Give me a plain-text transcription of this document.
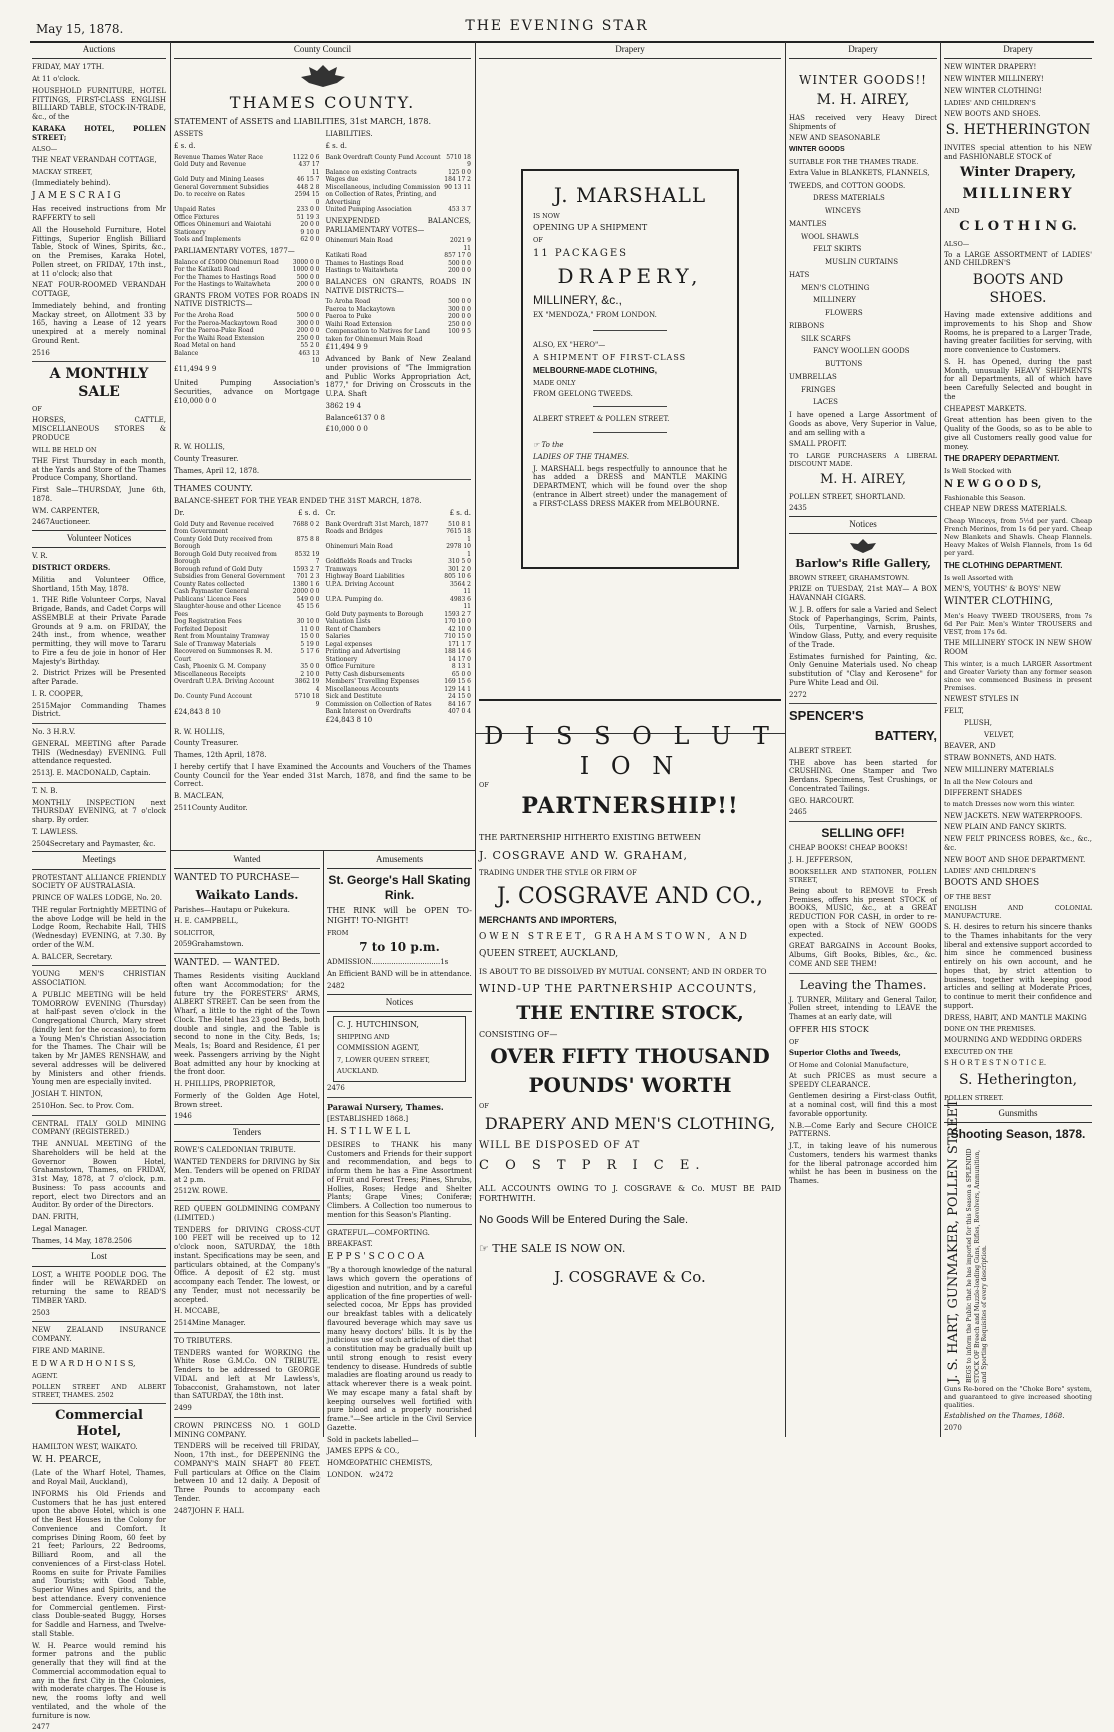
May 15, 1878.	THE EVENING STAR
Auctions

FRIDAY, MAY 17TH.

At 11 o'clock.

HOUSEHOLD FURNITURE, HOTEL FITTINGS, FIRST-CLASS ENGLISH BILLIARD TABLE, STOCK-IN-TRADE, &c., of the

KARAKA HOTEL, POLLEN STREET;

ALSO—

THE NEAT VERANDAH COTTAGE,

MACKAY STREET,

(Immediately behind).

J A M E S C R A I G

Has received instructions from Mr RAFFERTY to sell

All the Household Furniture, Hotel Fittings, Superior English Billiard Table, Stock of Wines, Spirits, &c., on the Premises, Karaka Hotel, Pollen street, on FRIDAY, 17th inst., at 11 o'clock; also that

NEAT FOUR-ROOMED VERANDAH COTTAGE,

Immediately behind, and fronting Mackay street, on Allotment 33 by 165, having a Lease of 12 years unexpired at a merely nominal Ground Rent.

2516

A MONTHLY SALE

OF

HORSES, CATTLE, MISCELLANEOUS STORES & PRODUCE

WILL BE HELD ON

THE First Thursday in each month, at the Yards and Store of the Thames Produce Company, Shortland.

First Sale—THURSDAY, June 6th, 1878.

WM. CARPENTER,

2467 Auctioneer.

Volunteer Notices

V. R.

DISTRICT ORDERS.

Militia and Volunteer Office, Shortland, 15th May, 1878.

1. THE Rifle Volunteer Corps, Naval Brigade, Bands, and Cadet Corps will ASSEMBLE at their Private Parade Grounds at 9 a.m. on FRIDAY, the 24th inst., from whence, weather permitting, they will move to Tararu to Fire a feu de joie in honor of Her Majesty's Birthday.

2. District Prizes will be Presented after Parade.

I. R. COOPER,

2515 Major Commanding Thames District.

No. 3 H.R.V.

GENERAL MEETING after Parade THIS (Wednesday) EVENING. Full attendance requested.

2513 J. E. MACDONALD, Captain.

T. N. B.

MONTHLY INSPECTION next THURSDAY EVENING, at 7 o'clock sharp. By order.

T. LAWLESS.

2504 Secretary and Paymaster, &c.

Meetings

PROTESTANT ALLIANCE FRIENDLY SOCIETY OF AUSTRALASIA.

PRINCE OF WALES LODGE, No. 20.

THE regular Fortnightly MEETING of the above Lodge will be held in the Lodge Room, Rechabite Hall, THIS (Wednesday) EVENING, at 7.30. By order of the W.M.

A. BALCER, Secretary.

YOUNG MEN'S CHRISTIAN ASSOCIATION.

A PUBLIC MEETING will be held TOMORROW EVENING (Thursday) at half-past seven o'clock in the Congregational Church, Mary street (kindly lent for the occasion), to form a Young Men's Christian Association for the Thames. The Chair will be taken by Mr JAMES RENSHAW, and several addresses will be delivered by Ministers and other friends. Young men are especially invited.

JOSIAH T. HINTON,

2510 Hon. Sec. to Prov. Com.

CENTRAL ITALY GOLD MINING COMPANY (REGISTERED.)

THE ANNUAL MEETING of the Shareholders will be held at the Governor Bowen Hotel, Grahamstown, Thames, on FRIDAY, 31st May, 1878, at 7 o'clock, p.m. Business: To pass accounts and report, elect two Directors and an Auditor. By order of the Directors.

DAN. FRITH,

Legal Manager.

Thames, 14 May, 1878. 2506

Lost

LOST, a WHITE POODLE DOG. The finder will be REWARDED on returning the same to READ'S TIMBER YARD.

2503

NEW ZEALAND INSURANCE COMPANY.

FIRE AND MARINE.

E D W A R D H O N I S S,

AGENT.

POLLEN STREET AND ALBERT STREET, THAMES. 2502

Commercial Hotel,

HAMILTON WEST, WAIKATO.

W. H. PEARCE,

(Late of the Wharf Hotel, Thames, and Royal Mail, Auckland),

INFORMS his Old Friends and Customers that he has just entered upon the above Hotel, which is one of the Best Houses in the Colony for Convenience and Comfort. It comprises Dining Room, 60 feet by 21 feet; Parlours, 22 Bedrooms, Billiard Room, and all the conveniences of a First-class Hotel. Rooms en suite for Private Families and Tourists; with Good Table, Superior Wines and Spirits, and the best attendance. Every convenience for Commercial gentlemen. First-class Double-seated Buggy, Horses for Saddle and Harness, and Twelve-stall Stable.

W. H. Pearce would remind his former patrons and the public generally that they will find at the Commercial accommodation equal to any in the first City in the Colonies, with moderate charges. The House is new, the rooms lofty and well ventilated, and the whole of the furniture is now.

2477

County Council
THAMES COUNTY.

STATEMENT of ASSETS and LIABILITIES, 31st MARCH, 1878.

ASSETS

£ s. d.

Revenue Thames Water Race	1122 0 6
Gold Duty and Revenue	437 17 11
Gold Duty and Mining Leases	46 15 7
General Government Subsidies	448 2 8
Do. to receive on Rates	2594 15 0
Unpaid Rates	233 0 0
Office Fixtures	51 19 3
Offices Ohinemuri and Waiotahi	20 0 0
Stationery	9 10 0
Tools and Implements	62 0 0

PARLIAMENTARY VOTES, 1877—

Balance of £5000 Ohinemuri Road	3000 0 0
For the Katikati Road	1000 0 0
For the Thames to Hastings Road	500 0 0
For the Hastings to Waitawheta	200 0 0

GRANTS FROM VOTES FOR ROADS IN NATIVE DISTRICTS—

For the Aroha Road	500 0 0
For the Paeroa-Mackaytown Road	300 0 0
For the Paeroa-Puke Road	200 0 0
For the Waihi Road Extension	250 0 0
Road Metal on hand	55 2 0
Balance	463 13 10

£11,494 9 9

United Pumping Association's Securities, advance on Mortgage £10,000 0 0

LIABILITIES.

£ s. d.

Bank Overdraft County Fund Account	5710 18 9
Balance on existing Contracts	125 0 0
Wages due	184 17 2
Miscellaneous, including Commission on Collection of Rates, Printing, and Advertising	90 13 11
United Pumping Association	453 3 7

UNEXPENDED BALANCES, PARLIAMENTARY VOTES—

Ohinemuri Main Road	2021 9 11
Katikati Road	857 17 0
Thames to Hastings Road	500 0 0
Hastings to Waitawheta	200 0 0

BALANCES ON GRANTS, ROADS IN NATIVE DISTRICTS—

To Aroha Road	500 0 0
Paeroa to Mackaytown	300 0 0
Paeroa to Puke	200 0 0
Waihi Road Extension	250 0 0
Compensation to Natives for Land taken for Ohinemuri Main Road	100 9 5

£11,494 9 9

Advanced by Bank of New Zealand under provisions of "The Immigration and Public Works Appropriation Act, 1877," for Driving on Crosscuts in the U.P.A. Shaft

3862 19 4

Balance 6137 0 8

£10,000 0 0

R. W. HOLLIS,

County Treasurer.

Thames, April 12, 1878.

THAMES COUNTY.

BALANCE-SHEET FOR THE YEAR ENDED THE 31ST MARCH, 1878.

Dr.	£ s. d.

Gold Duty and Revenue received from Government	7688 0 2
County Gold Duty received from Borough	875 8 8
Borough Gold Duty received from Borough	8532 19 7
Borough refund of Gold Duty	1593 2 7
Subsidies from General Government	701 2 3
County Rates collected	1380 1 6
Cash Paymaster General	2000 0 0
Publicans' Licence Fees	549 0 0
Slaughter-house and other Licence Fees	45 15 6
Dog Registration Fees	30 10 0
Forfeited Deposit	11 0 0
Rent from Mountainy Tramway	15 0 0
Sale of Tramway Materials	5 19 0
Recovered on Summonses R. M. Court	5 17 6
Cash, Phoenix G. M. Company	35 0 0
Miscellaneous Receipts	2 10 0
Overdraft U.P.A. Driving Account	3862 19 4
Do. County Fund Account	5710 18 9

£24,843 8 10

Cr.	£ s. d.

Bank Overdraft 31st March, 1877	510 8 1
Roads and Bridges	7615 18 1
Ohinemuri Main Road	2978 10 1
Goldfields Roads and Tracks	310 5 0
Tramways	301 2 0
Highway Board Liabilities	805 10 6
U.P.A. Driving Account	3564 2 11
U.P.A. Pumping do.	4983 6 11
Gold Duty payments to Borough	1593 2 7
Valuation Lists	170 10 0
Rent of Chambers	42 10 0
Salaries	710 15 0
Legal expenses	171 1 7
Printing and Advertising	188 14 6
Stationery	14 17 0
Office Furniture	8 13 1
Petty Cash disbursements	65 0 0
Members' Travelling Expenses	169 15 6
Miscellaneous Accounts	129 14 1
Sick and Destitute	24 15 0
Commission on Collection of Rates	84 16 7
Bank Interest on Overdrafts	407 0 4

£24,843 8 10

R. W. HOLLIS,

County Treasurer.

Thames, 12th April, 1878.

I hereby certify that I have Examined the Accounts and Vouchers of the Thames County Council for the Year ended 31st March, 1878, and find the same to be Correct.

B. MACLEAN,

2511 County Auditor.

Wanted

WANTED TO PURCHASE—

Waikato Lands.

Parishes—Hautapu or Pukekura.

H. E. CAMPBELL,

SOLICITOR,

2059 Grahamstown.

WANTED. — WANTED.

Thames Residents visiting Auckland often want Accommodation; for the future try the FORESTERS' ARMS, ALBERT STREET. Can be seen from the Wharf, a little to the right of the Town Clock. The Hotel has 23 good Beds, both double and single, and the Table is second to none in the City. Beds, 1s; Meals, 1s; Board and Residence, £1 per week. Passengers arriving by the Night Boat admitted any hour by knocking at the front door.

H. PHILLIPS, PROPRIETOR,

Formerly of the Golden Age Hotel, Brown street.

1946

Tenders

ROWE'S CALEDONIAN TRIBUTE.

WANTED TENDERS for DRIVING by Six Men. Tenders will be opened on FRIDAY at 2 p.m.

2512 W. ROWE.

RED QUEEN GOLDMINING COMPANY (LIMITED.)

TENDERS for DRIVING CROSS-CUT 100 FEET will be received up to 12 o'clock noon, SATURDAY, the 18th instant. Specifications may be seen, and particulars obtained, at the Company's Office. A deposit of £2 stg. must accompany each Tender. The lowest, or any Tender, must not necessarily be accepted.

H. MCCABE,

2514 Mine Manager.

TO TRIBUTERS.

TENDERS wanted for WORKING the White Rose G.M.Co. ON TRIBUTE. Tenders to be addressed to GEORGE VIDAL and left at Mr Lawless's, Tobacconist, Grahamstown, not later than SATURDAY, the 18th inst.

2499

CROWN PRINCESS NO. 1 GOLD MINING COMPANY.

TENDERS will be received till FRIDAY, Noon, 17th inst., for DEEPENING the COMPANY'S MAIN SHAFT 80 FEET. Full particulars at Office on the Claim between 10 and 12 daily. A Deposit of Three Pounds to accompany each Tender.

2487 JOHN F. HALL

Amusements
St. George's Hall Skating Rink.

THE RINK will be OPEN TO-NIGHT! TO-NIGHT!

FROM

7 to 10 p.m.

ADMISSION...............................1s

An Efficient BAND will be in attendance.

2482

Notices

C. J. HUTCHINSON,

SHIPPING AND

COMMISSION AGENT,

7, LOWER QUEEN STREET,

AUCKLAND.

2476

Parawai Nursery, Thames.

[ESTABLISHED 1868.]

H. S T I L W E L L

DESIRES to THANK his many Customers and Friends for their support and recommendation, and begs to inform them he has a Fine Assortment of Fruit and Forest Trees; Pines, Shrubs, Hollies, Roses; Hedge and Shelter Plants; Grape Vines; Coniferæ; Climbers. A Collection too numerous to mention for this Season's Planting.

GRATEFUL—COMFORTING.

BREAKFAST.

E P P S ' S C O C O A

"By a thorough knowledge of the natural laws which govern the operations of digestion and nutrition, and by a careful application of the fine properties of well-selected cocoa, Mr Epps has provided our breakfast tables with a delicately flavoured beverage which may save us many heavy doctors' bills. It is by the judicious use of such articles of diet that a constitution may be gradually built up until strong enough to resist every tendency to disease. Hundreds of subtle maladies are floating around us ready to attack wherever there is a weak point. We may escape many a fatal shaft by keeping ourselves well fortified with pure blood and a properly nourished frame."—See article in the Civil Service Gazette.

Sold in packets labelled—

JAMES EPPS & CO.,

HOMŒOPATHIC CHEMISTS,

LONDON. w2472

Drapery
J. MARSHALL

IS NOW

OPENING UP A SHIPMENT

OF

11 PACKAGES

DRAPERY,

MILLINERY, &c.,

EX "MENDOZA," FROM LONDON.

ALSO, EX "HERO"—

A SHIPMENT OF FIRST-CLASS

MELBOURNE-MADE CLOTHING,

MADE ONLY

FROM GEELONG TWEEDS.

ALBERT STREET & POLLEN STREET.

☞ To the

LADIES OF THE THAMES.

J. MARSHALL begs respectfully to announce that he has added a DRESS and MANTLE MAKING DEPARTMENT, which will be found over the shop (entrance in Albert street) under the management of a FIRST-CLASS DRESS MAKER from MELBOURNE.

D I S S O L U T I O N

OF

PARTNERSHIP!!

THE PARTNERSHIP HITHERTO EXISTING BETWEEN

J. COSGRAVE AND W. GRAHAM,

TRADING UNDER THE STYLE OR FIRM OF

J. COSGRAVE AND CO.,

MERCHANTS AND IMPORTERS,

OWEN STREET, GRAHAMSTOWN, AND

QUEEN STREET, AUCKLAND,

IS ABOUT TO BE DISSOLVED BY MUTUAL CONSENT; AND IN ORDER TO

WIND-UP THE PARTNERSHIP ACCOUNTS,

THE ENTIRE STOCK,

CONSISTING OF—

OVER FIFTY THOUSAND
POUNDS' WORTH

OF

DRAPERY AND MEN'S CLOTHING,

WILL BE DISPOSED OF AT

C O S T P R I C E.

ALL ACCOUNTS OWING TO J. COSGRAVE & Co. MUST BE PAID FORTHWITH.

No Goods Will be Entered During the Sale.

☞ THE SALE IS NOW ON.

J. COSGRAVE & Co.
Drapery
WINTER GOODS!!
M. H. AIREY,

HAS received very Heavy Direct Shipments of

NEW AND SEASONABLE

WINTER GOODS

SUITABLE FOR THE THAMES TRADE.

Extra Value in BLANKETS, FLANNELS,

TWEEDS, and COTTON GOODS.

DRESS MATERIALS

WINCEYS

MANTLES

WOOL SHAWLS

FELT SKIRTS

MUSLIN CURTAINS

HATS

MEN'S CLOTHING

MILLINERY

FLOWERS

RIBBONS

SILK SCARFS

FANCY WOOLLEN GOODS

BUTTONS

UMBRELLAS

FRINGES

LACES

I have opened a Large Assortment of Goods as above, Very Superior in Value, and am selling with a

SMALL PROFIT.

TO LARGE PURCHASERS A LIBERAL DISCOUNT MADE.

M. H. AIREY,

POLLEN STREET, SHORTLAND.

2435

Notices
Barlow's Rifle Gallery,

BROWN STREET, GRAHAMSTOWN.

PRIZE on TUESDAY, 21st MAY— A BOX HAVANNAH CIGARS.

W. J. B. offers for sale a Varied and Select Stock of Paperhangings, Scrim, Paints, Oils, Turpentine, Varnish, Brushes, Window Glass, Putty, and every requisite of the Trade.

Estimates furnished for Painting, &c. Only Genuine Materials used. No cheap substitution of "Clay and Kerosene" for Pure White Lead and Oil.

2272

SPENCER'S
BATTERY,

ALBERT STREET.

THE above has been started for CRUSHING. One Stamper and Two Berdans. Specimens, Test Crushings, or Concentrated Tailings.

GEO. HARCOURT.

2465

SELLING OFF!

CHEAP BOOKS! CHEAP BOOKS!

J. H. JEFFERSON,

BOOKSELLER AND STATIONER, POLLEN STREET,

Being about to REMOVE to Fresh Premises, offers his present STOCK of BOOKS, MUSIC, &c., at a GREAT REDUCTION FOR CASH, in order to re-open with a Stock of NEW GOODS expected.

GREAT BARGAINS in Account Books, Albums, Gift Books, Bibles, &c., &c. COME AND SEE THEM!

Leaving the Thames.

J. TURNER, Military and General Tailor, Pollen street, intending to LEAVE the Thames at an early date, will

OFFER HIS STOCK

OF

Superior Cloths and Tweeds,

Of Home and Colonial Manufacture,

At such PRICES as must secure a SPEEDY CLEARANCE.

Gentlemen desiring a First-class Outfit, at a nominal cost, will find this a most favorable opportunity.

N.B.—Come Early and Secure CHOICE PATTERNS.

J.T., in taking leave of his numerous Customers, tenders his warmest thanks for the liberal patronage accorded him whilst he has been in business on the Thames.

Drapery

NEW WINTER DRAPERY!

NEW WINTER MILLINERY!

NEW WINTER CLOTHING!

LADIES' AND CHILDREN'S

NEW BOOTS AND SHOES.

S. HETHERINGTON

INVITES special attention to his NEW and FASHIONABLE STOCK of

Winter Drapery,
MILLINERY

AND

C L O T H I N G.

ALSO—

To a LARGE ASSORTMENT of LADIES' AND CHILDREN'S

BOOTS AND SHOES.

Having made extensive additions and improvements to his Shop and Show Rooms, he is prepared to a Larger Trade, having greater facilities for serving, with more convenience to Customers.

S. H. has Opened, during the past Month, unusually HEAVY SHIPMENTS for all Departments, all of which have been Carefully Selected and bought in the

CHEAPEST MARKETS.

Great attention has been given to the Quality of the Goods, so as to be able to give all Customers really good value for money.

THE DRAPERY DEPARTMENT.

Is Well Stocked with

N E W G O O D S,

Fashionable this Season.

CHEAP NEW DRESS MATERIALS.

Cheap Winceys, from 5½d per yard. Cheap French Merinos, from 1s 6d per yard. Cheap New Blankets and Shawls. Cheap Flannels. Heavy Makes of Welsh Flannels, from 1s 6d per yard.

THE CLOTHING DEPARTMENT.

Is well Assorted with

MEN'S, YOUTHS' & BOYS' NEW

WINTER CLOTHING,

Men's Heavy TWEED TROUSERS, from 7s 6d Per Pair. Men's Winter TROUSERS and VEST, from 17s 6d.

THE MILLINERY STOCK IN NEW SHOW ROOM

This winter, is a much LARGER Assortment and Greater Variety than any former season since we commenced Business in present Premises.

NEWEST STYLES IN

FELT,

PLUSH,

VELVET,

BEAVER, AND

STRAW BONNETS, AND HATS.

NEW MILLINERY MATERIALS

In all the New Colours and

DIFFERENT SHADES

to match Dresses now worn this winter.

NEW JACKETS. NEW WATERPROOFS.

NEW PLAIN AND FANCY SKIRTS.

NEW FELT PRINCESS ROBES, &c., &c., &c.

NEW BOOT AND SHOE DEPARTMENT.

LADIES' AND CHILDREN'S

BOOTS AND SHOES

OF THE BEST

ENGLISH AND COLONIAL MANUFACTURE.

S. H. desires to return his sincere thanks to the Thames inhabitants for the very liberal and extensive support accorded to him since he commenced business entirely on his own account, and he hopes that, by strict attention to business, together with keeping good articles and selling at Moderate Prices, to continue to merit their confidence and support.

DRESS, HABIT, AND MANTLE MAKING

DONE ON THE PREMISES.

MOURNING AND WEDDING ORDERS

EXECUTED ON THE

S H O R T E S T N O T I C E.

S. Hetherington,

POLLEN STREET.

Gunsmiths
Shooting Season, 1878.
J. S. HART, GUNMAKER, POLLEN STREET BEGS to inform the Public that he has imported for this Season a SPLENDID STOCK OF Breech and Muzzle-loading Guns, Rifles, Revolvers, Ammunition, and Sporting Requisites of every description.

Guns Re-bored on the "Choke Bore" system, and guaranteed to give increased shooting qualities.

Established on the Thames, 1868.

2070
